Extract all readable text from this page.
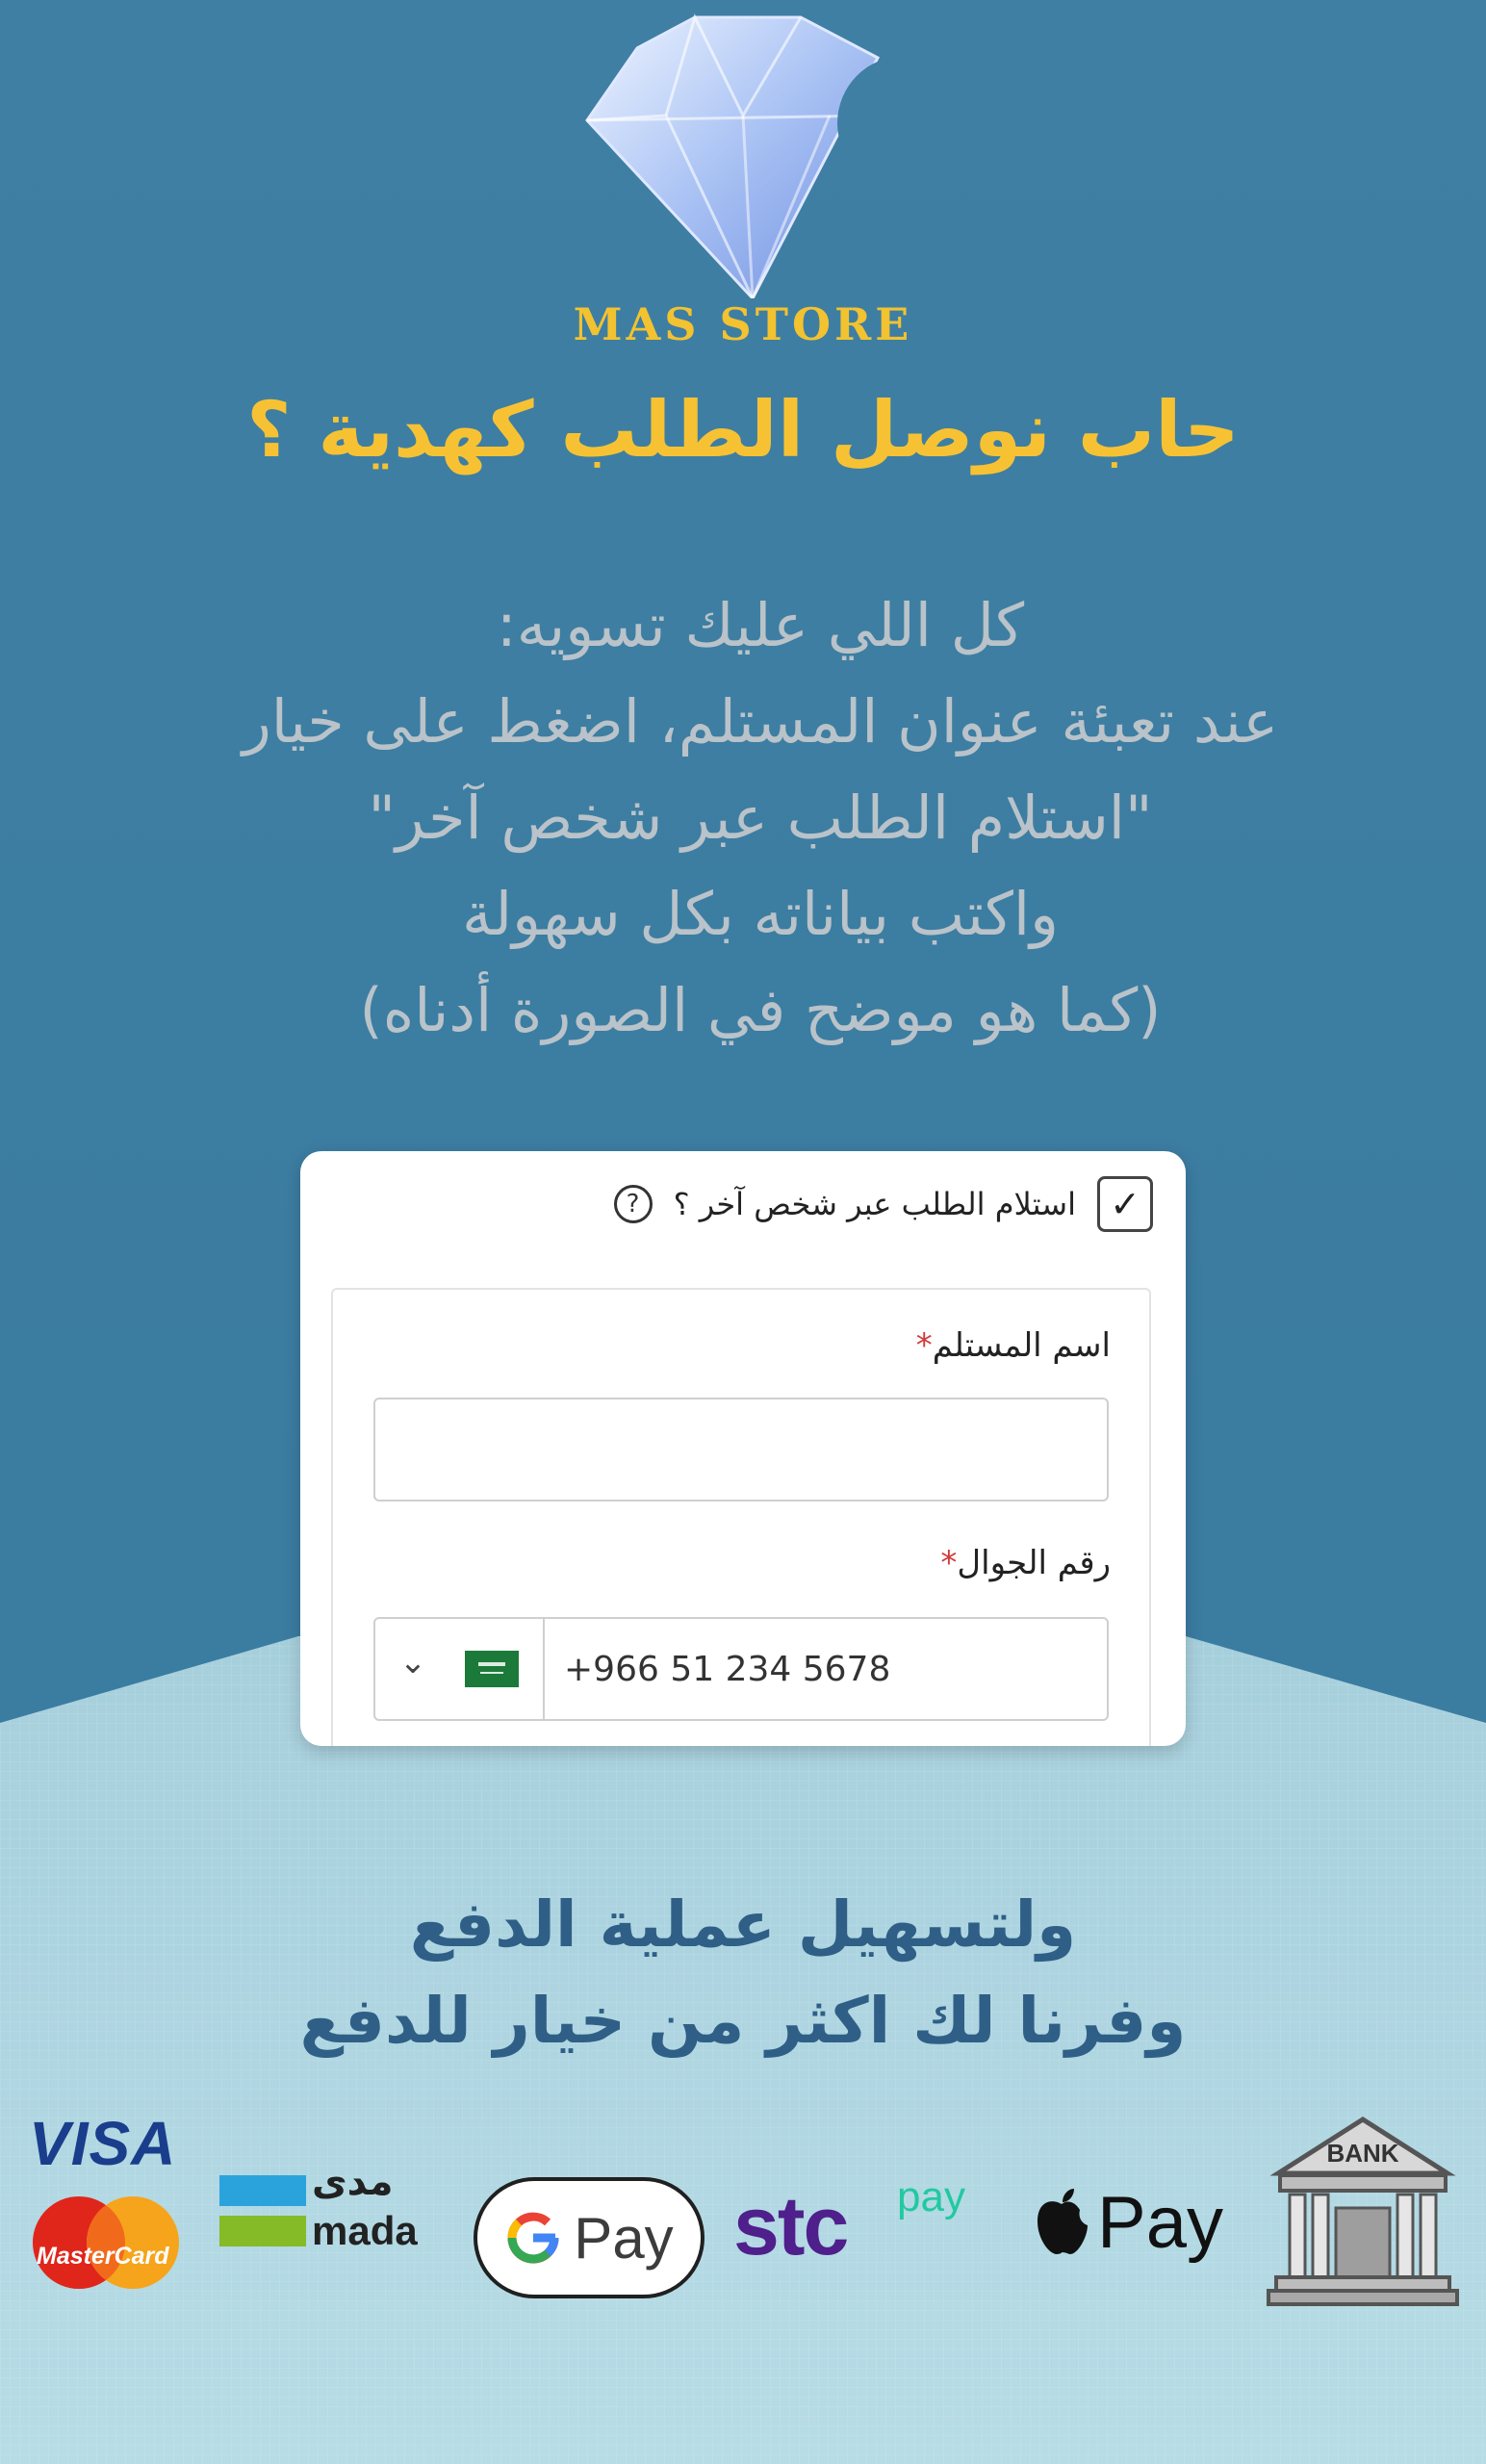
MAS STORE
حاب نوصل الطلب كهدية ؟
كل اللي عليك تسويه:
عند تعبئة عنوان المستلم، اضغط على خيار
"استلام الطلب عبر شخص آخر"
واكتب بياناته بكل سهولة
(كما هو موضح في الصورة أدناه)
✓
استلام الطلب عبر شخص آخر ؟
?
اسم المستلم*
رقم الجوال*
⌄	+966 51 234 5678
ولتسهيل عملية الدفع
وفرنا لك اكثر من خيار للدفع
VISA
MasterCard
مدى
mada	Pay stc pay Pay
BANK
